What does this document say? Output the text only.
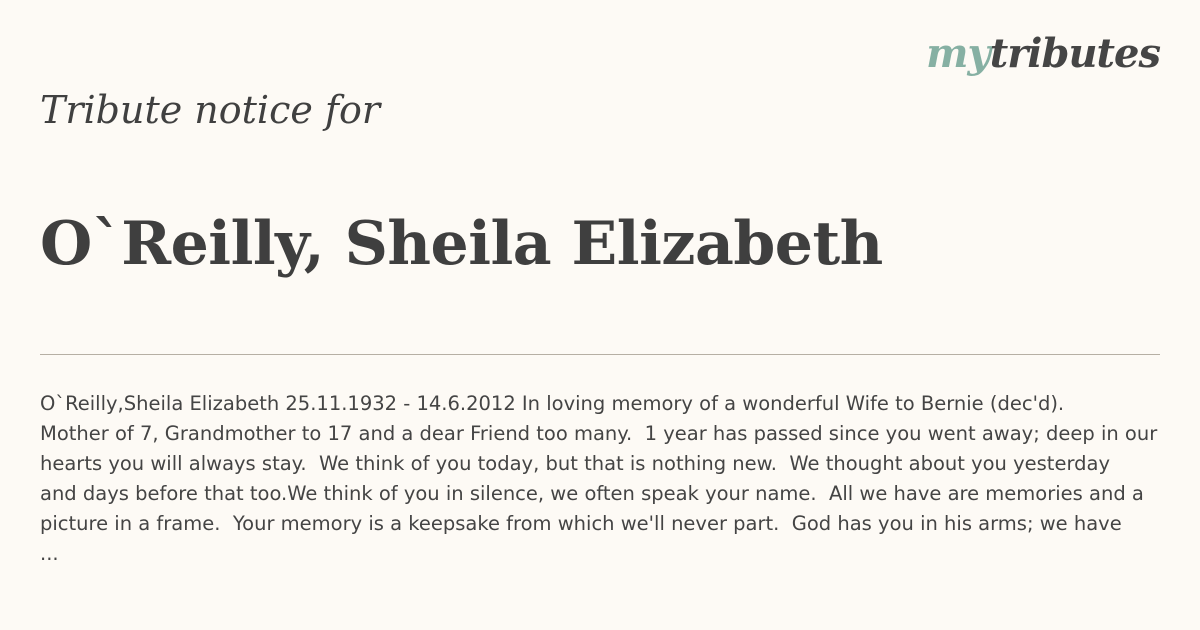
mytributes
Tribute notice for
O`Reilly, Sheila Elizabeth
O`Reilly,Sheila Elizabeth 25.11.1932 - 14.6.2012 In loving memory of a wonderful Wife to Bernie (dec'd).
Mother of 7, Grandmother to 17 and a dear Friend too many.  1 year has passed since you went away; deep in our
hearts you will always stay.  We think of you today, but that is nothing new.  We thought about you yesterday
and days before that too.We think of you in silence, we often speak your name.  All we have are memories and a
picture in a frame.  Your memory is a keepsake from which we'll never part.  God has you in his arms; we have
...
